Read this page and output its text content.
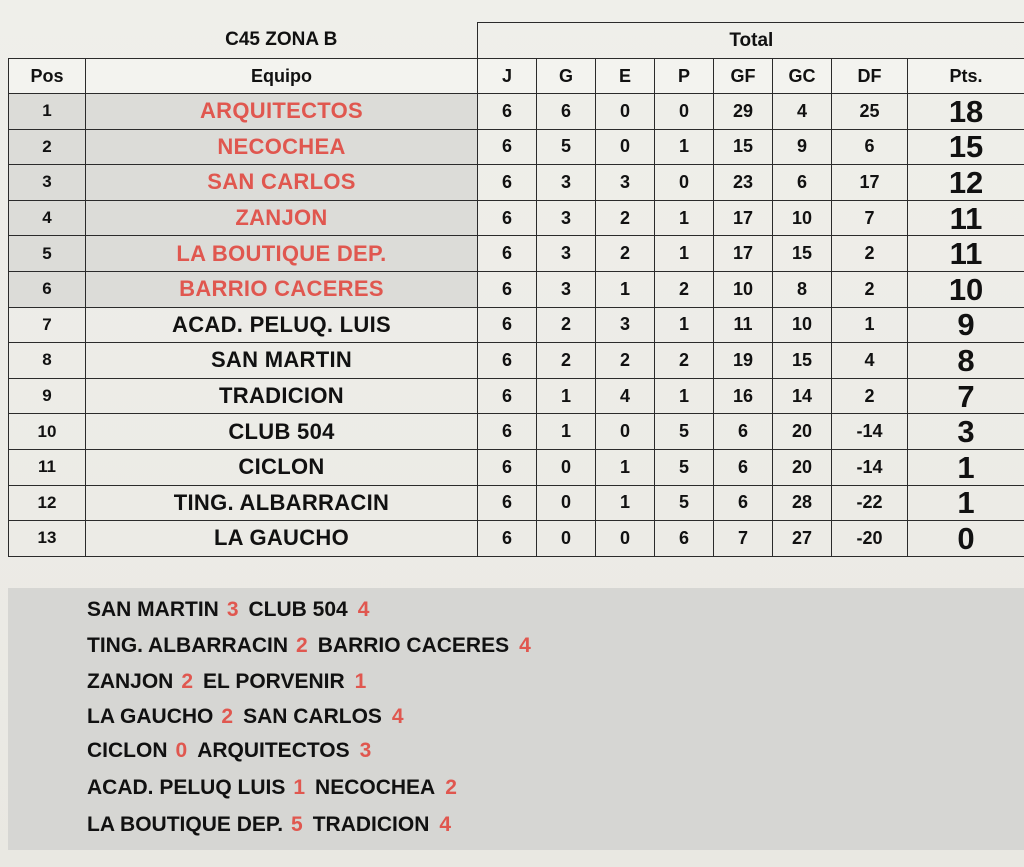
	C45 ZONA B	Total							
Pos	Equipo	J	G	E	P	GF	GC	DF	Pts.
1	ARQUITECTOS	6	6	0	0	29	4	25	18
2	NECOCHEA	6	5	0	1	15	9	6	15
3	SAN CARLOS	6	3	3	0	23	6	17	12
4	ZANJON	6	3	2	1	17	10	7	11
5	LA BOUTIQUE DEP.	6	3	2	1	17	15	2	11
6	BARRIO CACERES	6	3	1	2	10	8	2	10
7	ACAD. PELUQ. LUIS	6	2	3	1	11	10	1	9
8	SAN MARTIN	6	2	2	2	19	15	4	8
9	TRADICION	6	1	4	1	16	14	2	7
10	CLUB 504	6	1	0	5	6	20	-14	3
11	CICLON	6	0	1	5	6	20	-14	1
12	TING. ALBARRACIN	6	0	1	5	6	28	-22	1
13	LA GAUCHO	6	0	0	6	7	27	-20	0
SAN MARTIN 3 CLUB 504 4
TING. ALBARRACIN 2 BARRIO CACERES 4
ZANJON 2 EL PORVENIR 1
LA GAUCHO 2 SAN CARLOS 4
CICLON 0 ARQUITECTOS 3
ACAD. PELUQ LUIS 1 NECOCHEA 2
LA BOUTIQUE DEP. 5 TRADICION 4
